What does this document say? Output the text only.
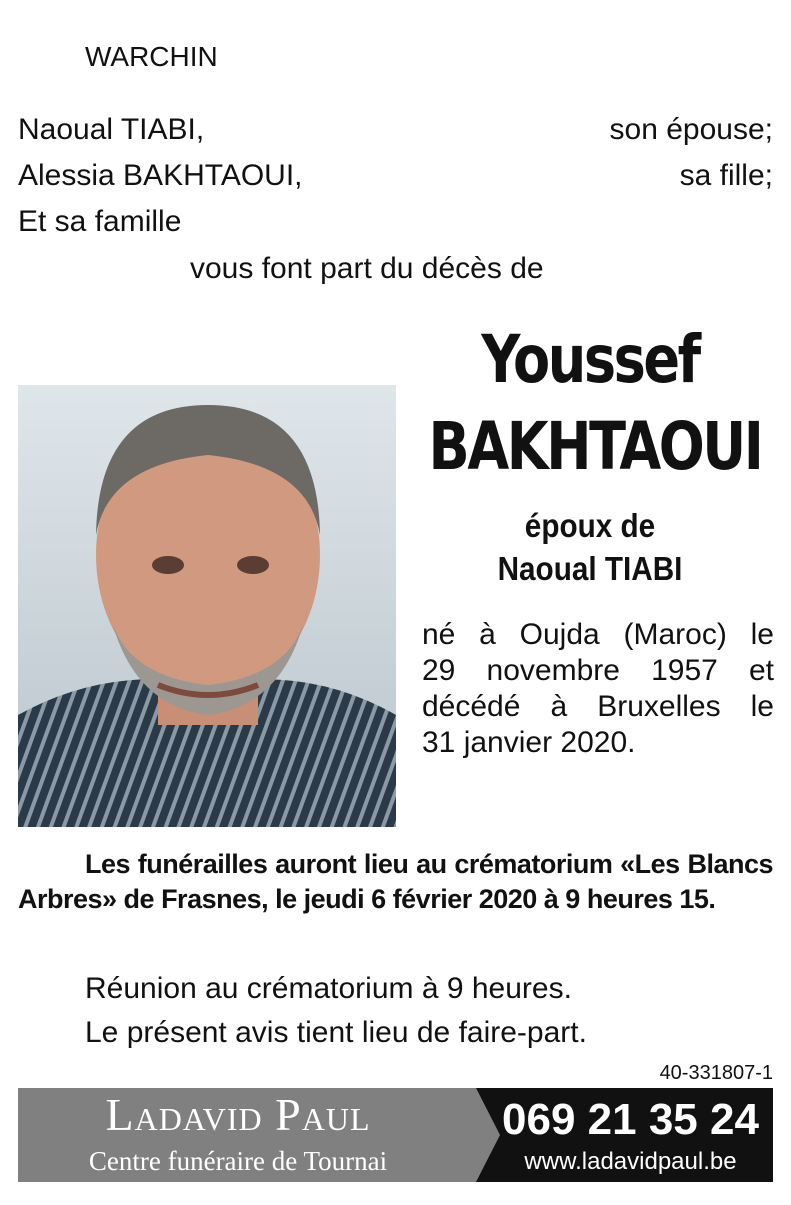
WARCHIN
Naoual TIABI,	son épouse;
Alessia BAKHTAOUI,	sa fille;
Et sa famille
vous font part du décès de
Youssef
BAKHTAOUI
époux de
Naoual TIABI
né à Oujda (Maroc) le
29 novembre 1957 et
décédé à Bruxelles le
31 janvier 2020.
Les funérailles auront lieu au crématorium «Les Blancs Arbres» de Frasnes, le jeudi 6 février 2020 à 9 heures 15.
Réunion au crématorium à 9 heures.
Le présent avis tient lieu de faire-part.
40-331807-1
Ladavid Paul
Centre funéraire de Tournai
069 21 35 24
www.ladavidpaul.be
